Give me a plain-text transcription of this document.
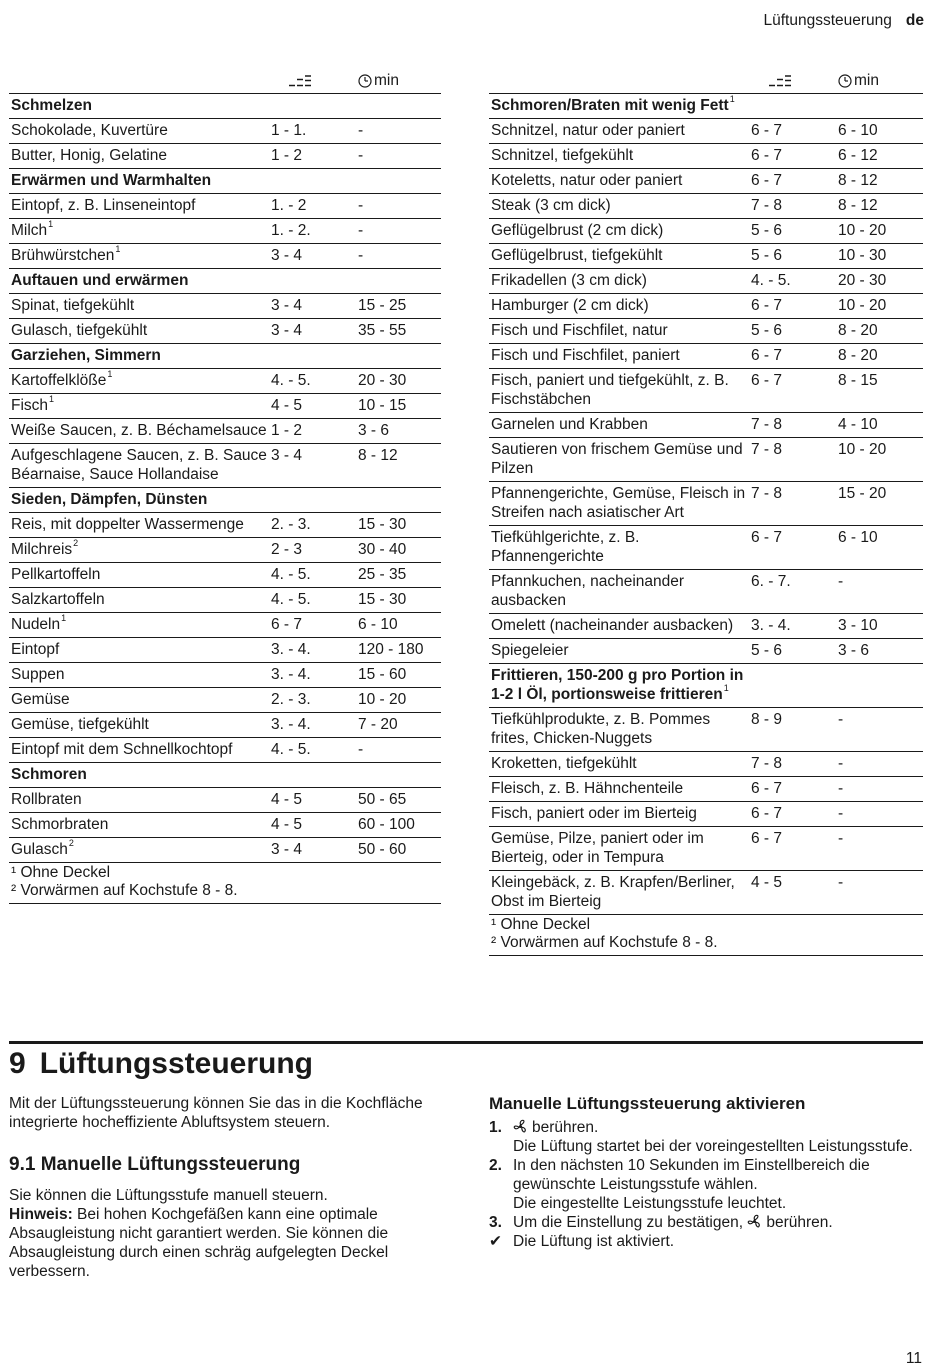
Lüftungssteuerung de
		min
Schmelzen		
Schokolade, Kuvertüre	1 - 1.	-
Butter, Honig, Gelatine	1 - 2	-
Erwärmen und Warmhalten		
Eintopf, z. B. Linseneintopf	1. - 2	-
Milch$^1$	1. - 2.	-
Brühwürstchen$^1$	3 - 4	-
Auftauen und erwärmen		
Spinat, tiefgekühlt	3 - 4	15 - 25
Gulasch, tiefgekühlt	3 - 4	35 - 55
Garziehen, Simmern		
Kartoffelklöße$^1$	4. - 5.	20 - 30
Fisch$^1$	4 - 5	10 - 15
Weiße Saucen, z. B. Béchamelsauce	1 - 2	3 - 6
Aufgeschlagene Saucen, z. B. Sauce Béarnaise, Sauce Hollandaise	3 - 4	8 - 12
Sieden, Dämpfen, Dünsten		
Reis, mit doppelter Wassermenge	2. - 3.	15 - 30
Milchreis$^2$	2 - 3	30 - 40
Pellkartoffeln	4. - 5.	25 - 35
Salzkartoffeln	4. - 5.	15 - 30
Nudeln$^1$	6 - 7	6 - 10
Eintopf	3. - 4.	120 - 180
Suppen	3. - 4.	15 - 60
Gemüse	2. - 3.	10 - 20
Gemüse, tiefgekühlt	3. - 4.	7 - 20
Eintopf mit dem Schnellkochtopf	4. - 5.	-
Schmoren		
Rollbraten	4 - 5	50 - 65
Schmorbraten	4 - 5	60 - 100
Gulasch$^2$	3 - 4	50 - 60
¹ Ohne Deckel
² Vorwärmen auf Kochstufe 8 - 8.
		min
Schmoren/Braten mit wenig Fett$^1$		
Schnitzel, natur oder paniert	6 - 7	6 - 10
Schnitzel, tiefgekühlt	6 - 7	6 - 12
Koteletts, natur oder paniert	6 - 7	8 - 12
Steak (3 cm dick)	7 - 8	8 - 12
Geflügelbrust (2 cm dick)	5 - 6	10 - 20
Geflügelbrust, tiefgekühlt	5 - 6	10 - 30
Frikadellen (3 cm dick)	4. - 5.	20 - 30
Hamburger (2 cm dick)	6 - 7	10 - 20
Fisch und Fischfilet, natur	5 - 6	8 - 20
Fisch und Fischfilet, paniert	6 - 7	8 - 20
Fisch, paniert und tiefgekühlt, z. B. Fischstäbchen	6 - 7	8 - 15
Garnelen und Krabben	7 - 8	4 - 10
Sautieren von frischem Gemüse und Pilzen	7 - 8	10 - 20
Pfannengerichte, Gemüse, Fleisch in Streifen nach asiatischer Art	7 - 8	15 - 20
Tiefkühlgerichte, z. B. Pfannengerichte	6 - 7	6 - 10
Pfannkuchen, nacheinander ausbacken	6. - 7.	-
Omelett (nacheinander ausbacken)	3. - 4.	3 - 10
Spiegeleier	5 - 6	3 - 6
Frittieren, 150-200 g pro Portion in 1-2 l Öl, portionsweise frittieren$^1$		
Tiefkühlprodukte, z. B. Pommes frites, Chicken-Nuggets	8 - 9	-
Kroketten, tiefgekühlt	7 - 8	-
Fleisch, z. B. Hähnchenteile	6 - 7	-
Fisch, paniert oder im Bierteig	6 - 7	-
Gemüse, Pilze, paniert oder im Bierteig, oder in Tempura	6 - 7	-
Kleingebäck, z. B. Krapfen/Berliner, Obst im Bierteig	4 - 5	-
¹ Ohne Deckel
² Vorwärmen auf Kochstufe 8 - 8.
9 Lüftungssteuerung

Mit der Lüftungssteuerung können Sie das in die Kochfläche integrierte hocheffiziente Abluftsystem steuern.

9.1 Manuelle Lüftungssteuerung

Sie können die Lüftungsstufe manuell steuern.

Hinweis: Bei hohen Kochgefäßen kann eine optimale Absaugleistung nicht garantiert werden. Sie können die Absaugleistung durch einen schräg aufgelegten Deckel verbessern.

Manuelle Lüftungssteuerung aktivieren
1.	berühren.
Die Lüftung startet bei der voreingestellten Leistungsstufe.
2. In den nächsten 10 Sekunden im Einstellbereich die gewünschte Leistungsstufe wählen.
Die eingestellte Leistungsstufe leuchtet.
3. Um die Einstellung zu bestätigen, berühren.
✔ Die Lüftung ist aktiviert.
11
